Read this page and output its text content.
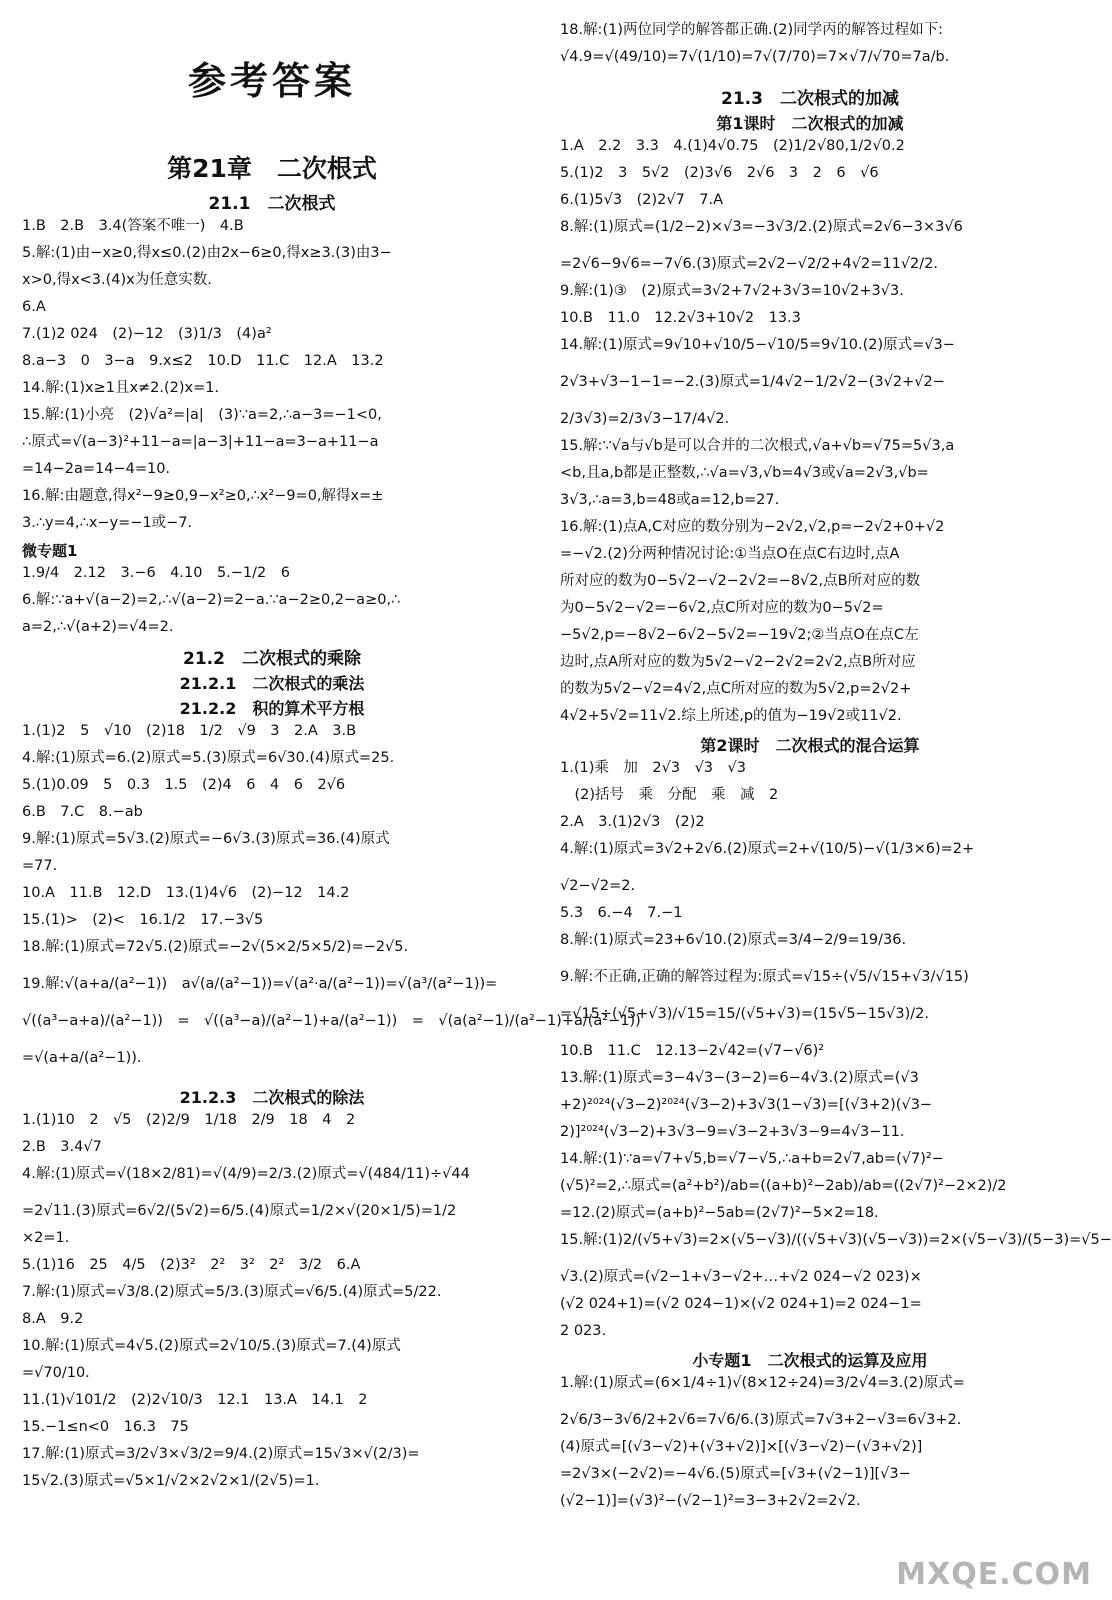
参考答案
第21章　二次根式
21.1　二次根式
1.B　2.B　3.4(答案不唯一)　4.B
5.解:(1)由−x≥0,得x≤0.(2)由2x−6≥0,得x≥3.(3)由3−
x>0,得x<3.(4)x为任意实数.
6.A
7.(1)2 024　(2)−12　(3)1/3　(4)a²
8.a−3　0　3−a　9.x≤2　10.D　11.C　12.A　13.2
14.解:(1)x≥1且x≠2.(2)x=1.
15.解:(1)小亮　(2)√a²=|a|　(3)∵a=2,∴a−3=−1<0,
∴原式=√(a−3)²+11−a=|a−3|+11−a=3−a+11−a
=14−2a=14−4=10.
16.解:由题意,得x²−9≥0,9−x²≥0,∴x²−9=0,解得x=±
3.∴y=4,∴x−y=−1或−7.
微专题1
1.9/4　2.12　3.−6　4.10　5.−1/2　6
6.解:∵a+√(a−2)=2,∴√(a−2)=2−a.∵a−2≥0,2−a≥0,∴
a=2,∴√(a+2)=√4=2.
21.2　二次根式的乘除
21.2.1　二次根式的乘法
21.2.2　积的算术平方根
1.(1)2　5　√10　(2)18　1/2　√9　3　2.A　3.B
4.解:(1)原式=6.(2)原式=5.(3)原式=6√30.(4)原式=25.
5.(1)0.09　5　0.3　1.5　(2)4　6　4　6　2√6
6.B　7.C　8.−ab
9.解:(1)原式=5√3.(2)原式=−6√3.(3)原式=36.(4)原式
=77.
10.A　11.B　12.D　13.(1)4√6　(2)−12　14.2
15.(1)>　(2)<　16.1/2　17.−3√5
18.解:(1)原式=72√5.(2)原式=−2√(5×2/5×5/2)=−2√5.
19.解:√(a+a/(a²−1))　a√(a/(a²−1))=√(a²·a/(a²−1))=√(a³/(a²−1))=
√((a³−a+a)/(a²−1))　=　√((a³−a)/(a²−1)+a/(a²−1))　=　√(a(a²−1)/(a²−1)+a/(a²−1))
=√(a+a/(a²−1)).
21.2.3　二次根式的除法
1.(1)10　2　√5　(2)2/9　1/18　2/9　18　4　2
2.B　3.4√7
4.解:(1)原式=√(18×2/81)=√(4/9)=2/3.(2)原式=√(484/11)÷√44
=2√11.(3)原式=6√2/(5√2)=6/5.(4)原式=1/2×√(20×1/5)=1/2
×2=1.
5.(1)16　25　4/5　(2)3²　2²　3²　2²　3/2　6.A
7.解:(1)原式=√3/8.(2)原式=5/3.(3)原式=√6/5.(4)原式=5/22.
8.A　9.2
10.解:(1)原式=4√5.(2)原式=2√10/5.(3)原式=7.(4)原式
=√70/10.
11.(1)√101/2　(2)2√10/3　12.1　13.A　14.1　2
15.−1≤n<0　16.3　75
17.解:(1)原式=3/2√3×√3/2=9/4.(2)原式=15√3×√(2/3)=
15√2.(3)原式=√5×1/√2×2√2×1/(2√5)=1.
18.解:(1)两位同学的解答都正确.(2)同学丙的解答过程如下:
√4.9=√(49/10)=7√(1/10)=7√(7/70)=7×√7/√70=7a/b.
21.3　二次根式的加减
第1课时　二次根式的加减
1.A　2.2　3.3　4.(1)4√0.75　(2)1/2√80,1/2√0.2
5.(1)2　3　5√2　(2)3√6　2√6　3　2　6　√6
6.(1)5√3　(2)2√7　7.A
8.解:(1)原式=(1/2−2)×√3=−3√3/2.(2)原式=2√6−3×3√6
=2√6−9√6=−7√6.(3)原式=2√2−√2/2+4√2=11√2/2.
9.解:(1)③　(2)原式=3√2+7√2+3√3=10√2+3√3.
10.B　11.0　12.2√3+10√2　13.3
14.解:(1)原式=9√10+√10/5−√10/5=9√10.(2)原式=√3−
2√3+√3−1−1=−2.(3)原式=1/4√2−1/2√2−(3√2+√2−
2/3√3)=2/3√3−17/4√2.
15.解:∵√a与√b是可以合并的二次根式,√a+√b=√75=5√3,a
<b,且a,b都是正整数,∴√a=√3,√b=4√3或√a=2√3,√b=
3√3,∴a=3,b=48或a=12,b=27.
16.解:(1)点A,C对应的数分别为−2√2,√2,p=−2√2+0+√2
=−√2.(2)分两种情况讨论:①当点O在点C右边时,点A
所对应的数为0−5√2−√2−2√2=−8√2,点B所对应的数
为0−5√2−√2=−6√2,点C所对应的数为0−5√2=
−5√2,p=−8√2−6√2−5√2=−19√2;②当点O在点C左
边时,点A所对应的数为5√2−√2−2√2=2√2,点B所对应
的数为5√2−√2=4√2,点C所对应的数为5√2,p=2√2+
4√2+5√2=11√2.综上所述,p的值为−19√2或11√2.
第2课时　二次根式的混合运算
1.(1)乘　加　2√3　√3　√3
　(2)括号　乘　分配　乘　减　2
2.A　3.(1)2√3　(2)2
4.解:(1)原式=3√2+2√6.(2)原式=2+√(10/5)−√(1/3×6)=2+
√2−√2=2.
5.3　6.−4　7.−1
8.解:(1)原式=23+6√10.(2)原式=3/4−2/9=19/36.
9.解:不正确,正确的解答过程为:原式=√15÷(√5/√15+√3/√15)
=√15÷(√5+√3)/√15=15/(√5+√3)=(15√5−15√3)/2.
10.B　11.C　12.13−2√42=(√7−√6)²
13.解:(1)原式=3−4√3−(3−2)=6−4√3.(2)原式=(√3
+2)²⁰²⁴(√3−2)²⁰²⁴(√3−2)+3√3(1−√3)=[(√3+2)(√3−
2)]²⁰²⁴(√3−2)+3√3−9=√3−2+3√3−9=4√3−11.
14.解:(1)∵a=√7+√5,b=√7−√5,∴a+b=2√7,ab=(√7)²−
(√5)²=2,∴原式=(a²+b²)/ab=((a+b)²−2ab)/ab=((2√7)²−2×2)/2
=12.(2)原式=(a+b)²−5ab=(2√7)²−5×2=18.
15.解:(1)2/(√5+√3)=2×(√5−√3)/((√5+√3)(√5−√3))=2×(√5−√3)/(5−3)=√5−
√3.(2)原式=(√2−1+√3−√2+…+√2 024−√2 023)×
(√2 024+1)=(√2 024−1)×(√2 024+1)=2 024−1=
2 023.
小专题1　二次根式的运算及应用
1.解:(1)原式=(6×1/4÷1)√(8×12÷24)=3/2√4=3.(2)原式=
2√6/3−3√6/2+2√6=7√6/6.(3)原式=7√3+2−√3=6√3+2.
(4)原式=[(√3−√2)+(√3+√2)]×[(√3−√2)−(√3+√2)]
=2√3×(−2√2)=−4√6.(5)原式=[√3+(√2−1)][√3−
(√2−1)]=(√3)²−(√2−1)²=3−3+2√2=2√2.
MXQE.COM
